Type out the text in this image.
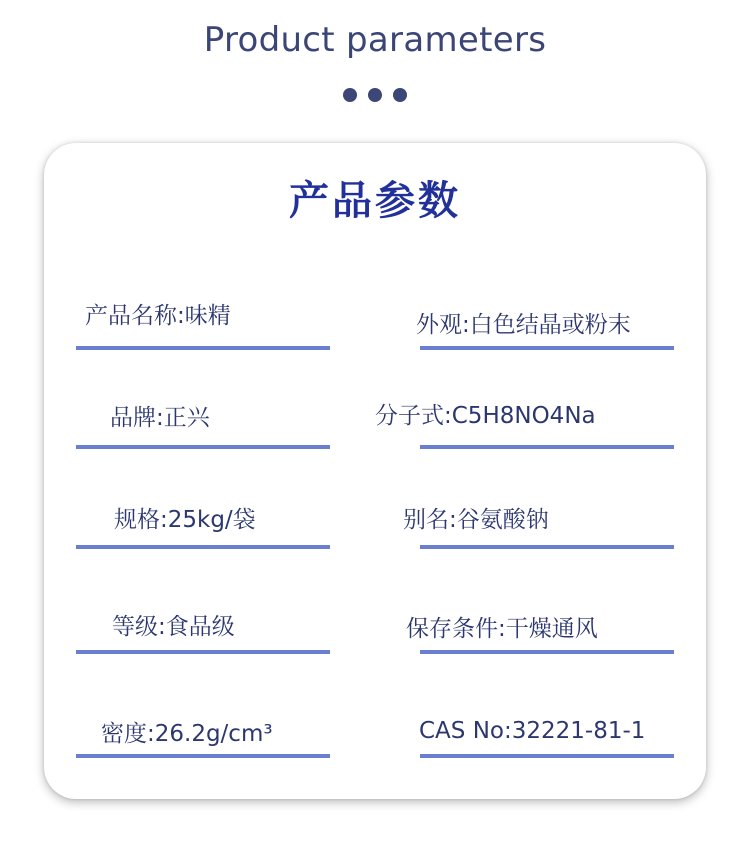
Product parameters
产品参数
产品名称:味精	外观:白色结晶或粉末
品牌:正兴	分子式:C5H8NO4Na
规格:25kg/袋	别名:谷氨酸钠
等级:食品级	保存条件:干燥通风
密度:26.2g/cm³	CAS No:32221-81-1
